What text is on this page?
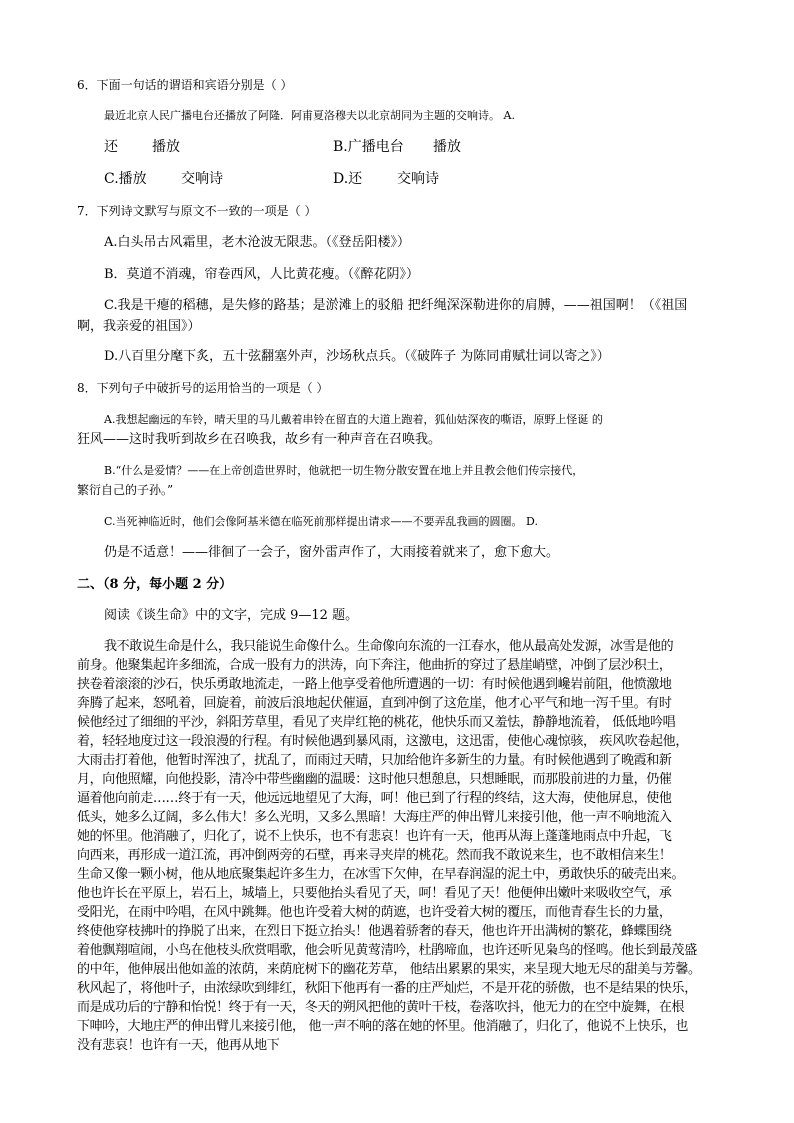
6．下面一句话的谓语和宾语分别是（ ）
最近北京人民广播电台还播放了阿隆．阿甫夏洛穆夫以北京胡同为主题的交响诗。 A.
还 播放	B.广播电台 播放
C.播放 交响诗	D.还 交响诗
7．下列诗文默写与原文不一致的一项是（ ）
A.白头吊古风霜里，老木沧波无限悲。（《登岳阳楼》）
B．莫道不消魂，帘卷西风，人比黄花瘦。（《醉花阴》）
C.我是干瘪的稻穗，是失修的路基；是淤滩上的驳船 把纤绳深深勒进你的肩膊，——祖国啊！（《祖国
啊，我亲爱的祖国》）
D.八百里分麾下炙，五十弦翻塞外声，沙场秋点兵。（《破阵子 为陈同甫赋壮词以寄之》）
8．下列句子中破折号的运用恰当的一项是（ ）
A.我想起幽远的车铃，晴天里的马儿戴着串铃在留直的大道上跑着，狐仙姑深夜的嘶语，原野上怪诞 的
狂风——这时我听到故乡在召唤我，故乡有一种声音在召唤我。
B.“什么是爱情？——在上帝创造世界时，他就把一切生物分散安置在地上并且教会他们传宗接代，
繁衍自己的子孙。”
C.当死神临近时，他们会像阿基米德在临死前那样提出请求——不要弄乱我画的圆圈。 D.
仍是不适意！——徘徊了一会子，窗外雷声作了，大雨接着就来了，愈下愈大。
二、（8 分，每小题 2 分）
阅读《谈生命》中的文字，完成 9—12 题。
我不敢说生命是什么，我只能说生命像什么。生命像向东流的一江春水，他从最高处发源，冰雪是他的
前身。他聚集起许多细流，合成一股有力的洪涛，向下奔注，他曲折的穿过了悬崖峭壁，冲倒了层沙积土，
挟卷着滚滚的沙石，快乐勇敢地流走，一路上他享受着他所遭遇的一切：有时候他遇到巉岩前阻，他愤激地
奔腾了起来，怒吼着，回旋着，前波后浪地起伏催逼，直到冲倒了这危崖，他才心平气和地一泻千里。有时
候他经过了细细的平沙，斜阳芳草里，看见了夹岸红艳的桃花，他快乐而又羞怯，静静地流着， 低低地吟唱
着，轻轻地度过这一段浪漫的行程。有时候他遇到暴风雨，这激电，这迅雷，使他心魂惊骇， 疾风吹卷起他，
大雨击打着他，他暂时浑浊了，扰乱了，而雨过天晴，只加给他许多新生的力量。有时候他遇到了晚霞和新
月，向他照耀，向他投影，清冷中带些幽幽的温暖：这时他只想憩息，只想睡眠，而那股前进的力量，仍催
逼着他向前走……终于有一天，他远远地望见了大海，呵！他已到了行程的终结，这大海，使他屏息，使他
低头，她多么辽阔，多么伟大！多么光明，又多么黑暗！大海庄严的伸出臂儿来接引他，他一声不响地流入
她的怀里。他消融了，归化了，说不上快乐，也不有悲哀！也许有一天，他再从海上蓬蓬地雨点中升起，飞
向西来，再形成一道江流，再冲倒两旁的石壁，再来寻夹岸的桃花。然而我不敢说来生，也不敢相信来生！
生命又像一颗小树，他从地底聚集起许多生力，在冰雪下欠伸，在早春润湿的泥土中，勇敢快乐的破壳出来。
他也许长在平原上，岩石上，城墙上，只要他抬头看见了天，呵！看见了天！他便伸出嫩叶来吸收空气，承
受阳光，在雨中吟唱，在风中跳舞。他也许受着大树的荫遮，也许受着大树的覆压，而他青春生长的力量，
终使他穿枝拂叶的挣脱了出来，在烈日下挺立抬头！他遇着骄奢的春天，他也许开出满树的繁花，蜂蝶围绕
着他飘翔喧闹，小鸟在他枝头欣赏唱歌，他会听见黄莺清吟，杜鹃啼血，也许还听见枭鸟的怪鸣。他长到最茂盛
的中年，他伸展出他如盖的浓荫，来荫庇树下的幽花芳草， 他结出累累的果实，来呈现大地无尽的甜美与芳馨。
秋风起了，将他叶子，由浓绿吹到绯红，秋阳下他再有一番的庄严灿烂，不是开花的骄傲，也不是结果的快乐，
而是成功后的宁静和怡悦！终于有一天，冬天的朔风把他的黄叶干枝，卷落吹抖，他无力的在空中旋舞，在根
下呻吟，大地庄严的伸出臂儿来接引他， 他一声不响的落在她的怀里。他消融了，归化了，他说不上快乐，也
没有悲哀！也许有一天，他再从地下
